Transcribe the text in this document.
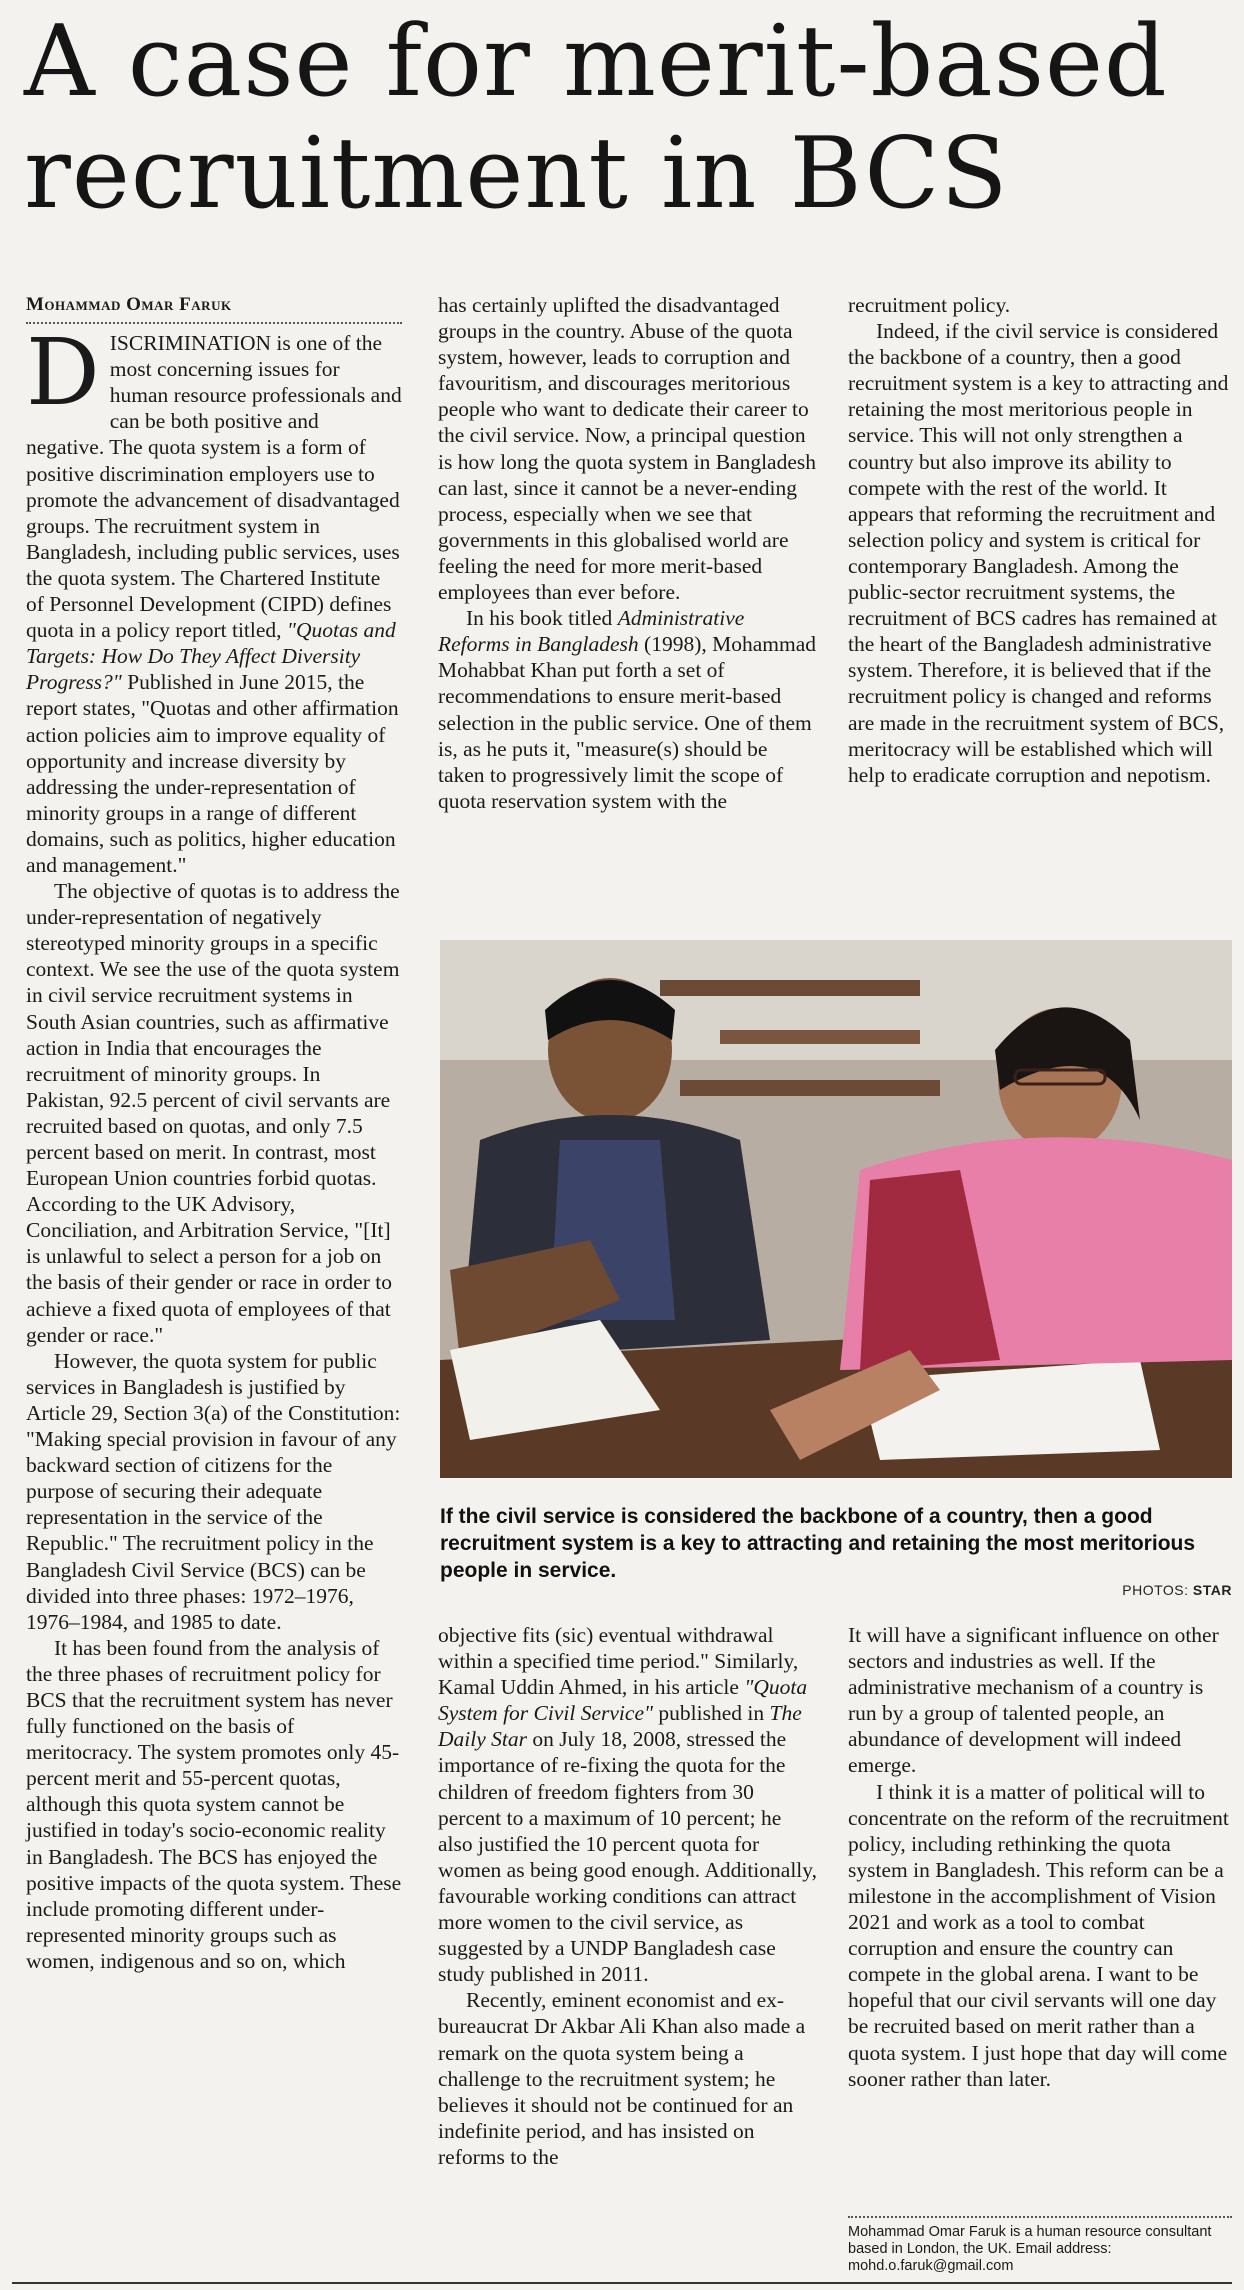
A case for merit-based recruitment in BCS
Mohammad Omar Faruk

DISCRIMINATION is one of the most concerning issues for human resource professionals and can be both positive and negative. The quota system is a form of positive discrimination employers use to promote the advancement of disadvantaged groups. The recruitment system in Bangladesh, including public services, uses the quota system. The Chartered Institute of Personnel Development (CIPD) defines quota in a policy report titled, "Quotas and Targets: How Do They Affect Diversity Progress?" Published in June 2015, the report states, "Quotas and other affirmation action policies aim to improve equality of opportunity and increase diversity by addressing the under-representation of minority groups in a range of different domains, such as politics, higher education and management."

The objective of quotas is to address the under-representation of negatively stereotyped minority groups in a specific context. We see the use of the quota system in civil service recruitment systems in South Asian countries, such as affirmative action in India that encourages the recruitment of minority groups. In Pakistan, 92.5 percent of civil servants are recruited based on quotas, and only 7.5 percent based on merit. In contrast, most European Union countries forbid quotas. According to the UK Advisory, Conciliation, and Arbitration Service, "[It] is unlawful to select a person for a job on the basis of their gender or race in order to achieve a fixed quota of employees of that gender or race."

However, the quota system for public services in Bangladesh is justified by Article 29, Section 3(a) of the Constitution: "Making special provision in favour of any backward section of citizens for the purpose of securing their adequate representation in the service of the Republic." The recruitment policy in the Bangladesh Civil Service (BCS) can be divided into three phases: 1972–1976, 1976–1984, and 1985 to date.

It has been found from the analysis of the three phases of recruitment policy for BCS that the recruitment system has never fully functioned on the basis of meritocracy. The system promotes only 45-percent merit and 55-percent quotas, although this quota system cannot be justified in today's socio-economic reality in Bangladesh. The BCS has enjoyed the positive impacts of the quota system. These include promoting different under-represented minority groups such as women, indigenous and so on, which

has certainly uplifted the disadvantaged groups in the country. Abuse of the quota system, however, leads to corruption and favouritism, and discourages meritorious people who want to dedicate their career to the civil service. Now, a principal question is how long the quota system in Bangladesh can last, since it cannot be a never-ending process, especially when we see that governments in this globalised world are feeling the need for more merit-based employees than ever before.

In his book titled Administrative Reforms in Bangladesh (1998), Mohammad Mohabbat Khan put forth a set of recommendations to ensure merit-based selection in the public service. One of them is, as he puts it, "measure(s) should be taken to progressively limit the scope of quota reservation system with the

recruitment policy.

Indeed, if the civil service is considered the backbone of a country, then a good recruitment system is a key to attracting and retaining the most meritorious people in service. This will not only strengthen a country but also improve its ability to compete with the rest of the world. It appears that reforming the recruitment and selection policy and system is critical for contemporary Bangladesh. Among the public-sector recruitment systems, the recruitment of BCS cadres has remained at the heart of the Bangladesh administrative system. Therefore, it is believed that if the recruitment policy is changed and reforms are made in the recruitment system of BCS, meritocracy will be established which will help to eradicate corruption and nepotism.

If the civil service is considered the backbone of a country, then a good recruitment system is a key to attracting and retaining the most meritorious people in service.
PHOTOS: STAR

objective fits (sic) eventual withdrawal within a specified time period." Similarly, Kamal Uddin Ahmed, in his article "Quota System for Civil Service" published in The Daily Star on July 18, 2008, stressed the importance of re-fixing the quota for the children of freedom fighters from 30 percent to a maximum of 10 percent; he also justified the 10 percent quota for women as being good enough. Additionally, favourable working conditions can attract more women to the civil service, as suggested by a UNDP Bangladesh case study published in 2011.

Recently, eminent economist and ex-bureaucrat Dr Akbar Ali Khan also made a remark on the quota system being a challenge to the recruitment system; he believes it should not be continued for an indefinite period, and has insisted on reforms to the

It will have a significant influence on other sectors and industries as well. If the administrative mechanism of a country is run by a group of talented people, an abundance of development will indeed emerge.

I think it is a matter of political will to concentrate on the reform of the recruitment policy, including rethinking the quota system in Bangladesh. This reform can be a milestone in the accomplishment of Vision 2021 and work as a tool to combat corruption and ensure the country can compete in the global arena. I want to be hopeful that our civil servants will one day be recruited based on merit rather than a quota system. I just hope that day will come sooner rather than later.

Mohammad Omar Faruk is a human resource consultant based in London, the UK. Email address: mohd.o.faruk@gmail.com
